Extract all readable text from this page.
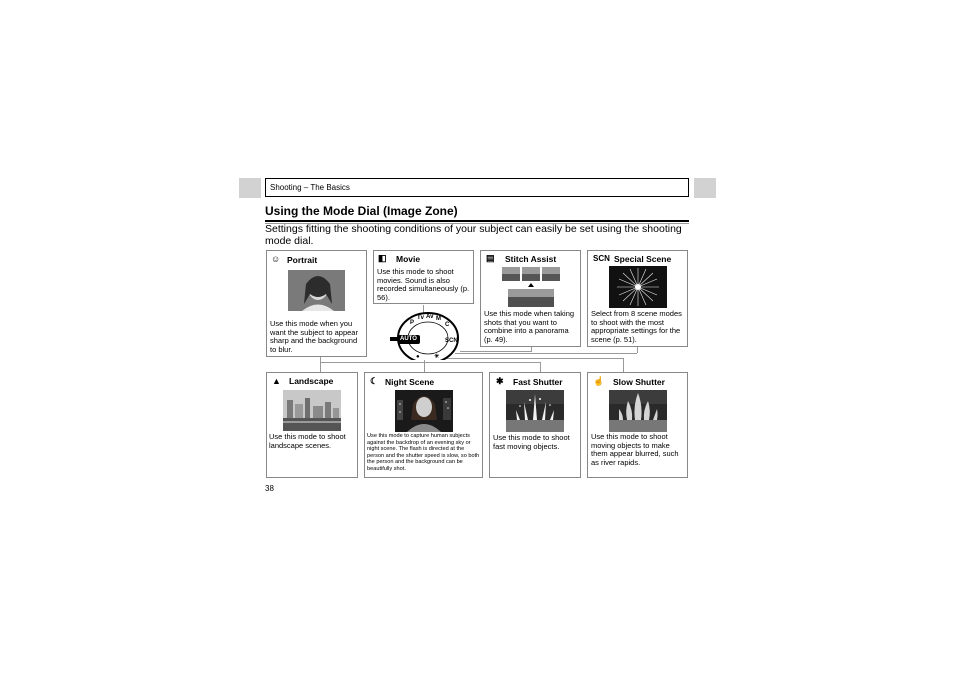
Shooting – The Basics
Using the Mode Dial (Image Zone)
Settings fitting the shooting conditions of your subject can easily be set using the shooting mode dial.
P
Tv Av M
C
SCN
☀
●
AUTO
☺ Portrait
Use this mode when you want the subject to appear sharp and the background to blur.
◧ Movie
Use this mode to shoot movies. Sound is also recorded simultaneously (p. 56).
▤ Stitch Assist
Use this mode when taking shots that you want to combine into a panorama (p. 49).
SCN Special Scene
Select from 8 scene modes to shoot with the most appropriate settings for the scene (p. 51).
▲ Landscape
Use this mode to shoot landscape scenes.
☾ Night Scene
Use this mode to capture human subjects against the backdrop of an evening sky or night scene. The flash is directed at the person and the shutter speed is slow, so both the person and the background can be beautifully shot.
✱ Fast Shutter
Use this mode to shoot fast moving objects.
☝ Slow Shutter
Use this mode to shoot moving objects to make them appear blurred, such as river rapids.
38
